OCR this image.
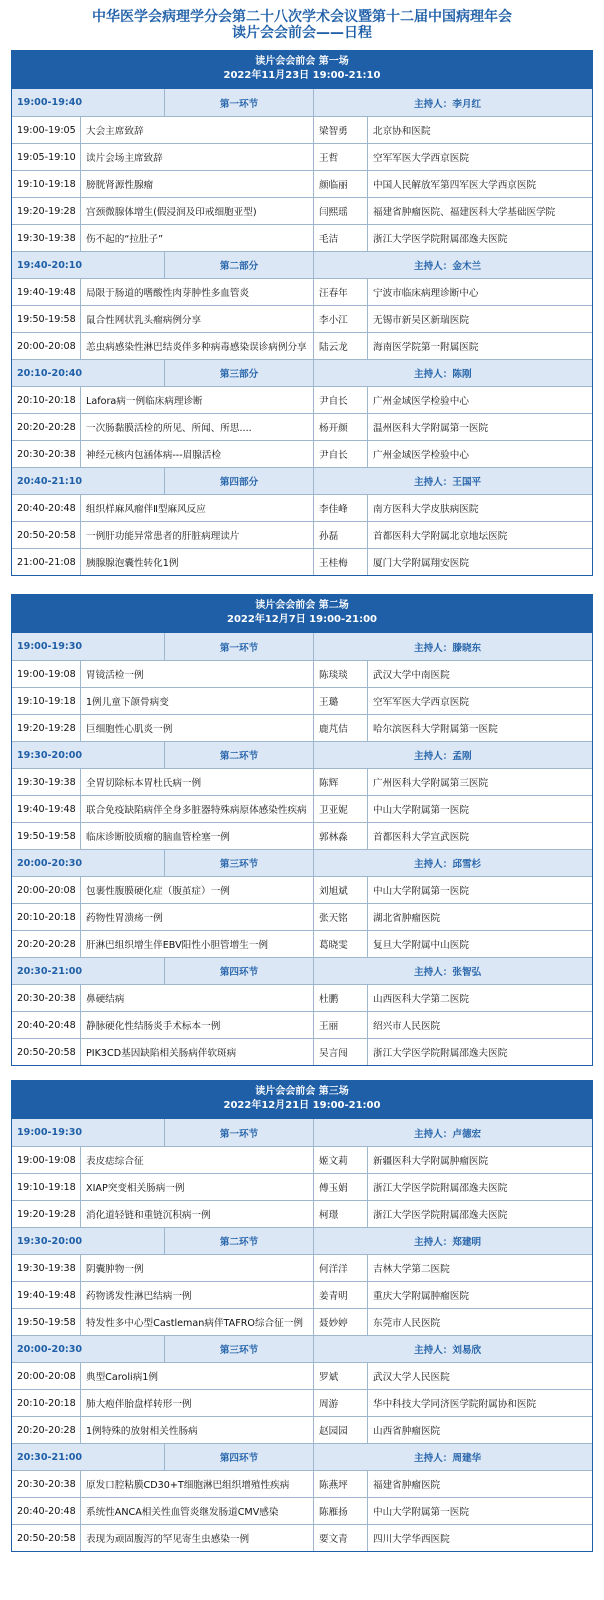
中华医学会病理学分会第二十八次学术会议暨第十二届中国病理年会

读片会会前会——日程

读片会会前会 第一场
2022年11月23日 19:00-21:10
19:00-19:40	第一环节	主持人：李月红
19:00-19:05	大会主席致辞	梁智勇	北京协和医院
19:05-19:10	读片会场主席致辞	王哲	空军军医大学西京医院
19:10-19:18	膀胱肾源性腺瘤	颜临丽	中国人民解放军第四军医大学西京医院
19:20-19:28	宫颈微腺体增生(假浸润及印戒细胞亚型)	闫熙瑶	福建省肿瘤医院、福建医科大学基础医学院
19:30-19:38	伤不起的“拉肚子”	毛洁	浙江大学医学院附属邵逸夫医院
19:40-20:10	第二部分	主持人：金木兰
19:40-19:48	局限于肠道的嗜酸性肉芽肿性多血管炎	汪春年	宁波市临床病理诊断中心
19:50-19:58	鼠合性网状乳头瘤病例分享	李小江	无锡市新吴区新瑞医院
20:00-20:08	恙虫病感染性淋巴结炎伴多种病毒感染误诊病例分享	陆云龙	海南医学院第一附属医院
20:10-20:40	第三部分	主持人：陈刚
20:10-20:18	Lafora病一例临床病理诊断	尹自长	广州金域医学检验中心
20:20-20:28	一次肠黏膜活检的所见、所闻、所思....	杨开颜	温州医科大学附属第一医院
20:30-20:38	神经元核内包涵体病---眉腺活检	尹自长	广州金域医学检验中心
20:40-21:10	第四部分	主持人：王国平
20:40-20:48	组织样麻风瘤伴Ⅱ型麻风反应	李佳峰	南方医科大学皮肤病医院
20:50-20:58	一例肝功能异常患者的肝脏病理读片	孙磊	首都医科大学附属北京地坛医院
21:00-21:08	胰腺腺泡囊性转化1例	王桂梅	厦门大学附属翔安医院
读片会会前会 第二场
2022年12月7日 19:00-21:00
19:00-19:30	第一环节	主持人：滕晓东
19:00-19:08	胃镜活检一例	陈琰琰	武汉大学中南医院
19:10-19:18	1例儿童下颌骨病变	王璐	空军军医大学西京医院
19:20-19:28	巨细胞性心肌炎一例	鹿芃佶	哈尔滨医科大学附属第一医院
19:30-20:00	第二环节	主持人：孟刚
19:30-19:38	全胃切除标本胃杜氏病一例	陈辉	广州医科大学附属第三医院
19:40-19:48	联合免疫缺陷病伴全身多脏器特殊病原体感染性疾病	卫亚妮	中山大学附属第一医院
19:50-19:58	临床诊断胶质瘤的脑血管栓塞一例	郭林淼	首都医科大学宣武医院
20:00-20:30	第三环节	主持人：邱雪杉
20:00-20:08	包裹性腹膜硬化症（腹茧症）一例	刘旭斌	中山大学附属第一医院
20:10-20:18	药物性胃溃疡一例	张天铭	湖北省肿瘤医院
20:20-20:28	肝淋巴组织增生伴EBV阳性小胆管增生一例	葛晓雯	复旦大学附属中山医院
20:30-21:00	第四环节	主持人：张智弘
20:30-20:38	鼻硬结病	杜鹏	山西医科大学第二医院
20:40-20:48	静脉硬化性结肠炎手术标本一例	王丽	绍兴市人民医院
20:50-20:58	PIK3CD基因缺陷相关肠病伴软斑病	吴言闯	浙江大学医学院附属邵逸夫医院
读片会会前会 第三场
2022年12月21日 19:00-21:00
19:00-19:30	第一环节	主持人：卢德宏
19:00-19:08	表皮痣综合征	姬文莉	新疆医科大学附属肿瘤医院
19:10-19:18	XIAP突变相关肠病一例	傅玉娟	浙江大学医学院附属邵逸夫医院
19:20-19:28	消化道轻链和重链沉积病一例	柯璟	浙江大学医学院附属邵逸夫医院
19:30-20:00	第二环节	主持人：郑建明
19:30-19:38	阴囊肿物一例	何洋洋	吉林大学第二医院
19:40-19:48	药物诱发性淋巴结病一例	姜青明	重庆大学附属肿瘤医院
19:50-19:58	特发性多中心型Castleman病伴TAFRO综合征一例	聂妙婷	东莞市人民医院
20:00-20:30	第三环节	主持人：刘易欣
20:00-20:08	典型Caroli病1例	罗斌	武汉大学人民医院
20:10-20:18	肺大疱伴胎盘样转形一例	周游	华中科技大学同济医学院附属协和医院
20:20-20:28	1例特殊的放射相关性肠病	赵园园	山西省肿瘤医院
20:30-21:00	第四环节	主持人：周建华
20:30-20:38	原发口腔粘膜CD30+T细胞淋巴组织增殖性疾病	陈燕坪	福建省肿瘤医院
20:40-20:48	系统性ANCA相关性血管炎继发肠道CMV感染	陈雁扬	中山大学附属第一医院
20:50-20:58	表现为顽固腹泻的罕见寄生虫感染一例	要文青	四川大学华西医院
